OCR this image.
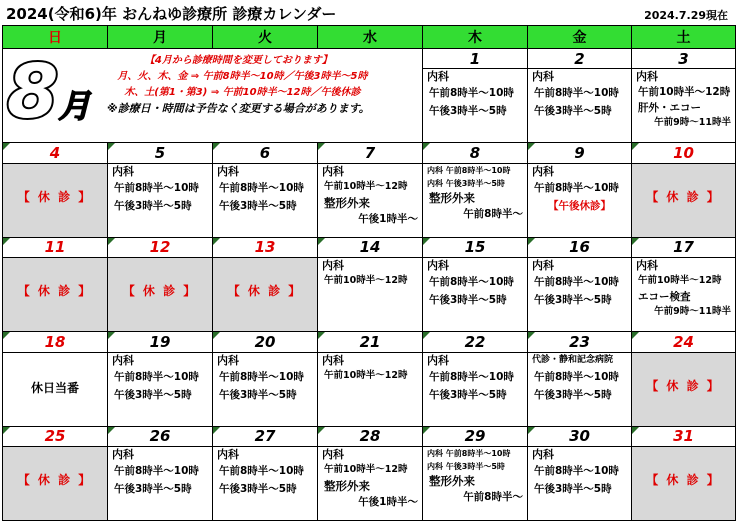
2024(令和6)年 おんねゆ診療所 診療カレンダー	2024.7.29現在
日	月	火	水	木	金	土

8月
【4月から診療時間を変更しております】
月、火、木、金 ⇒ 午前8時半～10時／午後3時半～5時
木、土(第1・第3) ⇒ 午前10時半～12時／午後休診
※診療日・時間は予告なく変更する場合があります。				1	2	3

				内科
午前8時半～10時
午後3時半～5時	内科
午前8時半～10時
午後3時半～5時	内科
午前10時半～12時
肝外・エコー
午前9時～11時半

4	5	6	7	8	9	10

【 休 診 】	内科
午前8時半～10時
午後3時半～5時	内科
午前8時半～10時
午後3時半～5時	内科
午前10時半～12時
整形外来
午後1時半～	内科 午前8時半～10時
内科 午後3時半～5時
整形外来
午前8時半～	内科
午前8時半～10時
【午後休診】	【 休 診 】

11	12	13	14	15	16	17

【 休 診 】	【 休 診 】	【 休 診 】	内科
午前10時半～12時	内科
午前8時半～10時
午後3時半～5時	内科
午前8時半～10時
午後3時半～5時	内科
午前10時半～12時
エコー検査
午前9時～11時半

18	19	20	21	22	23	24

休日当番	内科
午前8時半～10時
午後3時半～5時	内科
午前8時半～10時
午後3時半～5時	内科
午前10時半～12時	内科
午前8時半～10時
午後3時半～5時	代診・静和記念病院
午前8時半～10時
午後3時半～5時	【 休 診 】

25	26	27	28	29	30	31

【 休 診 】	内科
午前8時半～10時
午後3時半～5時	内科
午前8時半～10時
午後3時半～5時	内科
午前10時半～12時
整形外来
午後1時半～	内科 午前8時半～10時
内科 午後3時半～5時
整形外来
午前8時半～	内科
午前8時半～10時
午後3時半～5時	【 休 診 】
